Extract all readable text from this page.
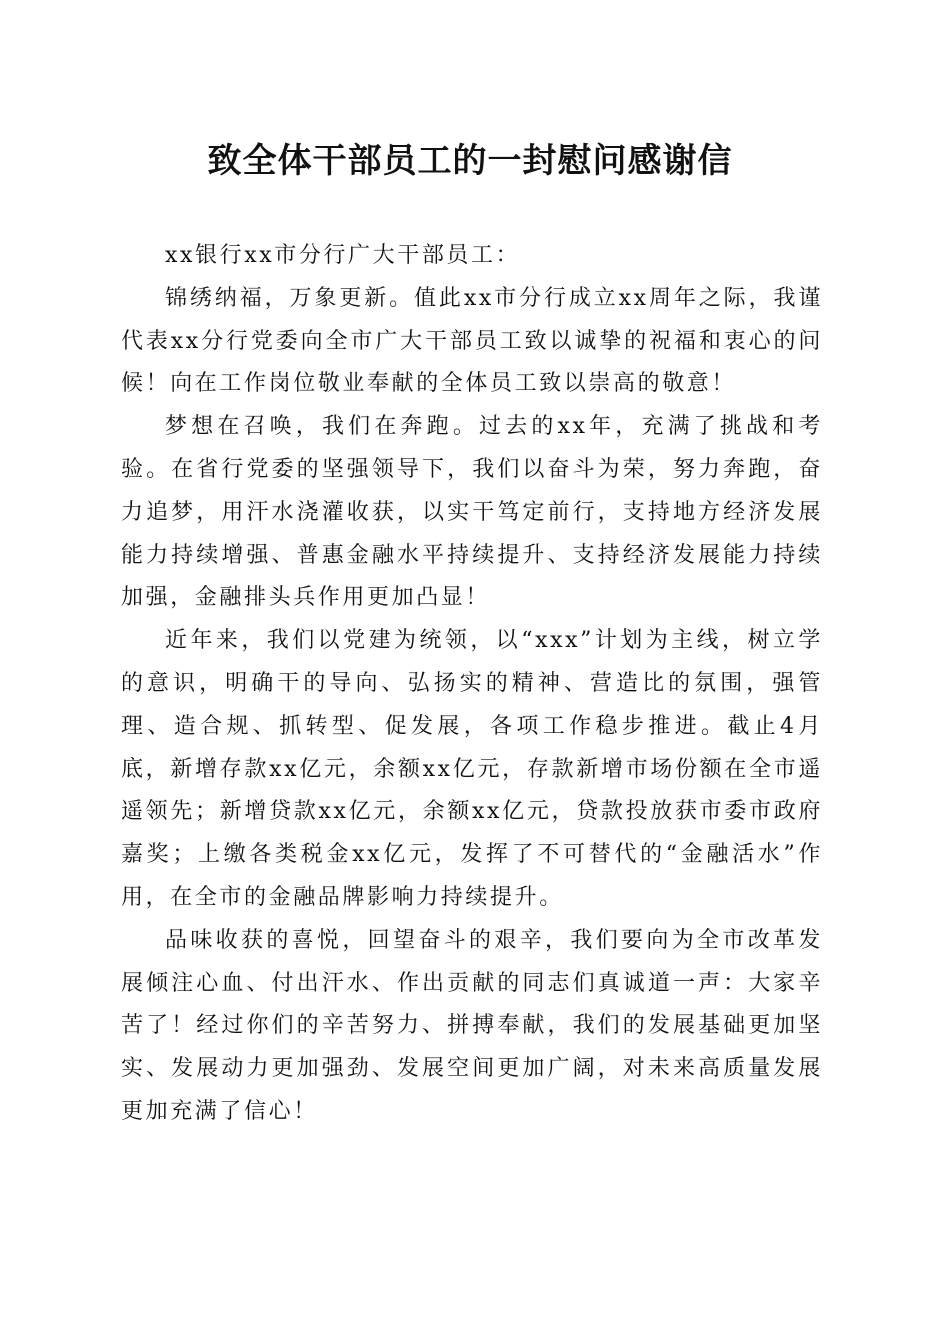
致全体干部员工的一封慰问感谢信

xx银行xx市分行广大干部员工：

锦绣纳福，万象更新。值此xx市分行成立xx周年之际，我谨代表xx分行党委向全市广大干部员工致以诚挚的祝福和衷心的问候！向在工作岗位敬业奉献的全体员工致以崇高的敬意！

梦想在召唤，我们在奔跑。过去的xx年，充满了挑战和考验。在省行党委的坚强领导下，我们以奋斗为荣，努力奔跑，奋力追梦，用汗水浇灌收获，以实干笃定前行，支持地方经济发展能力持续增强、普惠金融水平持续提升、支持经济发展能力持续加强，金融排头兵作用更加凸显！

近年来，我们以党建为统领，以“xxx”计划为主线，树立学的意识，明确干的导向、弘扬实的精神、营造比的氛围，强管理、造合规、抓转型、促发展，各项工作稳步推进。截止4月底，新增存款xx亿元，余额xx亿元，存款新增市场份额在全市遥遥领先；新增贷款xx亿元，余额xx亿元，贷款投放获市委市政府嘉奖；上缴各类税金xx亿元，发挥了不可替代的“金融活水”作用，在全市的金融品牌影响力持续提升。

品味收获的喜悦，回望奋斗的艰辛，我们要向为全市改革发展倾注心血、付出汗水、作出贡献的同志们真诚道一声：大家辛苦了！经过你们的辛苦努力、拼搏奉献，我们的发展基础更加坚实、发展动力更加强劲、发展空间更加广阔，对未来高质量发展更加充满了信心！
